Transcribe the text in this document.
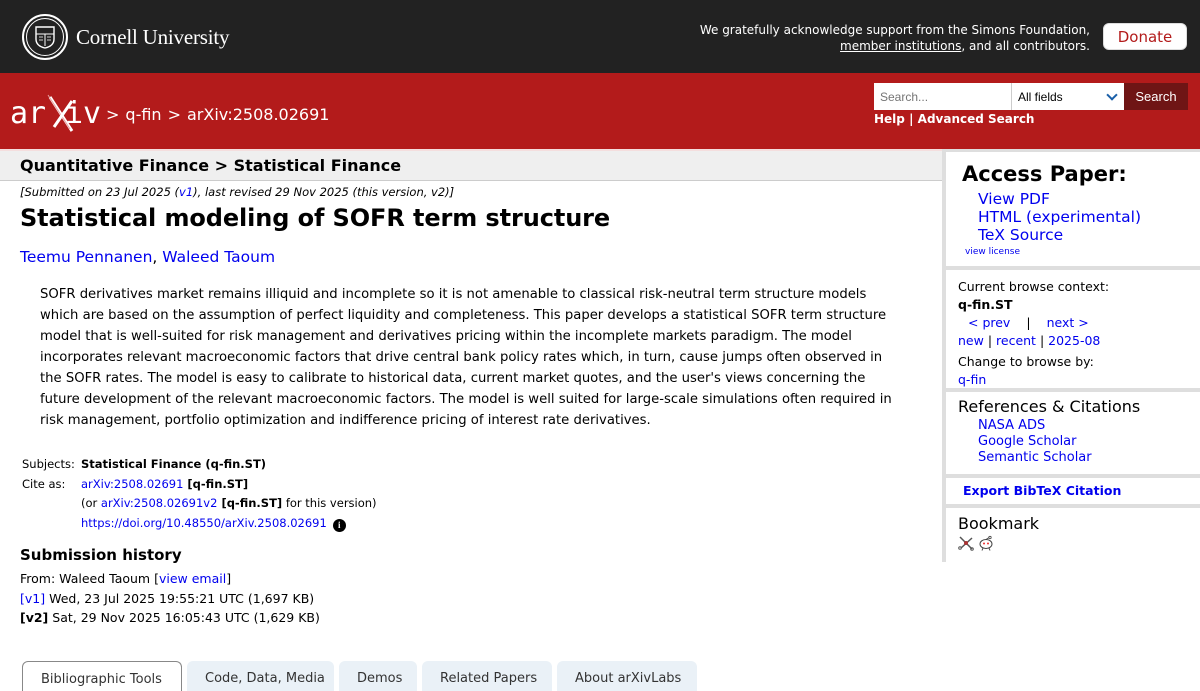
Cornell University	We gratefully acknowledge support from the Simons Foundation,
member institutions, and all contributors.
Donate
ar iv > q-fin > arXiv:2508.02691
Search...
All fields	Search
Help | Advanced Search
Quantitative Finance > Statistical Finance
[Submitted on 23 Jul 2025 (v1), last revised 29 Nov 2025 (this version, v2)]
Statistical modeling of SOFR term structure
Teemu Pennanen, Waleed Taoum
SOFR derivatives market remains illiquid and incomplete so it is not amenable to classical risk-neutral term structure models which are based on the assumption of perfect liquidity and completeness. This paper develops a statistical SOFR term structure model that is well-suited for risk management and derivatives pricing within the incomplete markets paradigm. The model incorporates relevant macroeconomic factors that drive central bank policy rates which, in turn, cause jumps often observed in the SOFR rates. The model is easy to calibrate to historical data, current market quotes, and the user's views concerning the future development of the relevant macroeconomic factors. The model is well suited for large-scale simulations often required in risk management, portfolio optimization and indifference pricing of interest rate derivatives.
Subjects: Statistical Finance (q-fin.ST)
Cite as:	arXiv:2508.02691 [q-fin.ST]
(or arXiv:2508.02691v2 [q-fin.ST] for this version)
https://doi.org/10.48550/arXiv.2508.02691 i
Submission history
From: Waleed Taoum [view email]
[v1] Wed, 23 Jul 2025 19:55:21 UTC (1,697 KB)
[v2] Sat, 29 Nov 2025 16:05:43 UTC (1,629 KB)
Bibliographic Tools	Code, Data, Media	Demos	Related Papers	About arXivLabs
Access Paper:
View PDF
HTML (experimental)
TeX Source
view license
Current browse context:
q-fin.ST
< prev | next >
new | recent | 2025-08
Change to browse by:
q-fin
References & Citations
NASA ADS
Google Scholar
Semantic Scholar
Export BibTeX Citation
Bookmark
